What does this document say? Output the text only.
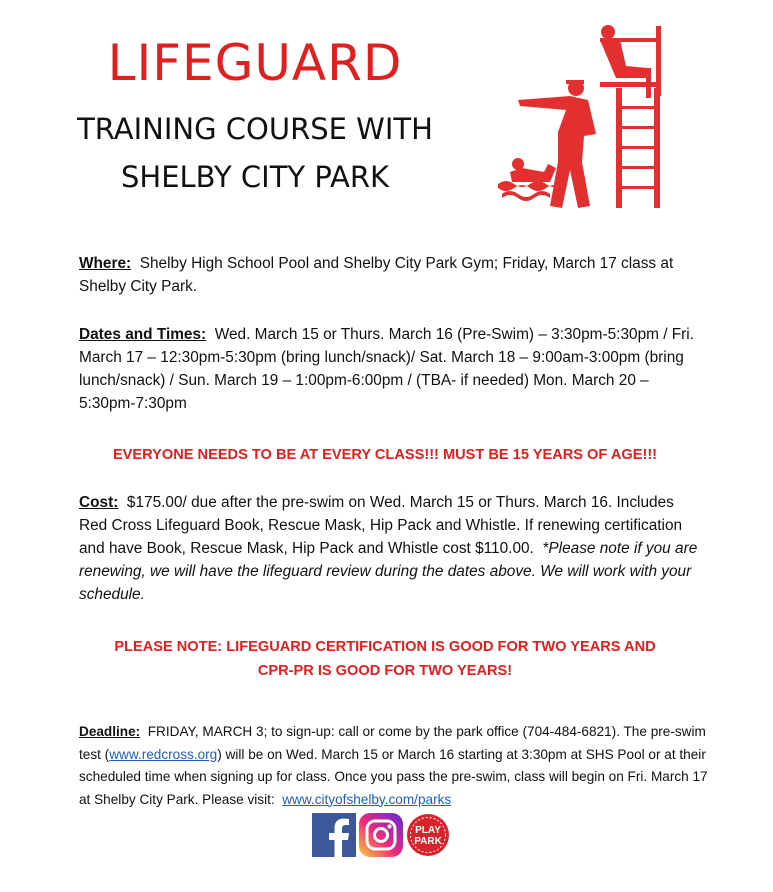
LIFEGUARD
TRAINING COURSE WITH
SHELBY CITY PARK
Where: Shelby High School Pool and Shelby City Park Gym; Friday, March 17 class at Shelby City Park.
Dates and Times: Wed. March 15 or Thurs. March 16 (Pre-Swim) – 3:30pm-5:30pm / Fri. March 17 – 12:30pm-5:30pm (bring lunch/snack)/ Sat. March 18 – 9:00am-3:00pm (bring lunch/snack) / Sun. March 19 – 1:00pm-6:00pm / (TBA- if needed) Mon. March 20 – 5:30pm-7:30pm
EVERYONE NEEDS TO BE AT EVERY CLASS!!! MUST BE 15 YEARS OF AGE!!!
Cost: $175.00/ due after the pre-swim on Wed. March 15 or Thurs. March 16. Includes Red Cross Lifeguard Book, Rescue Mask, Hip Pack and Whistle. If renewing certification and have Book, Rescue Mask, Hip Pack and Whistle cost $110.00. *Please note if you are renewing, we will have the lifeguard review during the dates above. We will work with your schedule.
PLEASE NOTE: LIFEGUARD CERTIFICATION IS GOOD FOR TWO YEARS AND
CPR-PR IS GOOD FOR TWO YEARS!
Deadline: FRIDAY, MARCH 3; to sign-up: call or come by the park office (704-484-6821). The pre-swim test (www.redcross.org) will be on Wed. March 15 or March 16 starting at 3:30pm at SHS Pool or at their scheduled time when signing up for class. Once you pass the pre-swim, class will begin on Fri. March 17 at Shelby City Park. Please visit:  www.cityofshelby.com/parks
PLAY
PARK
